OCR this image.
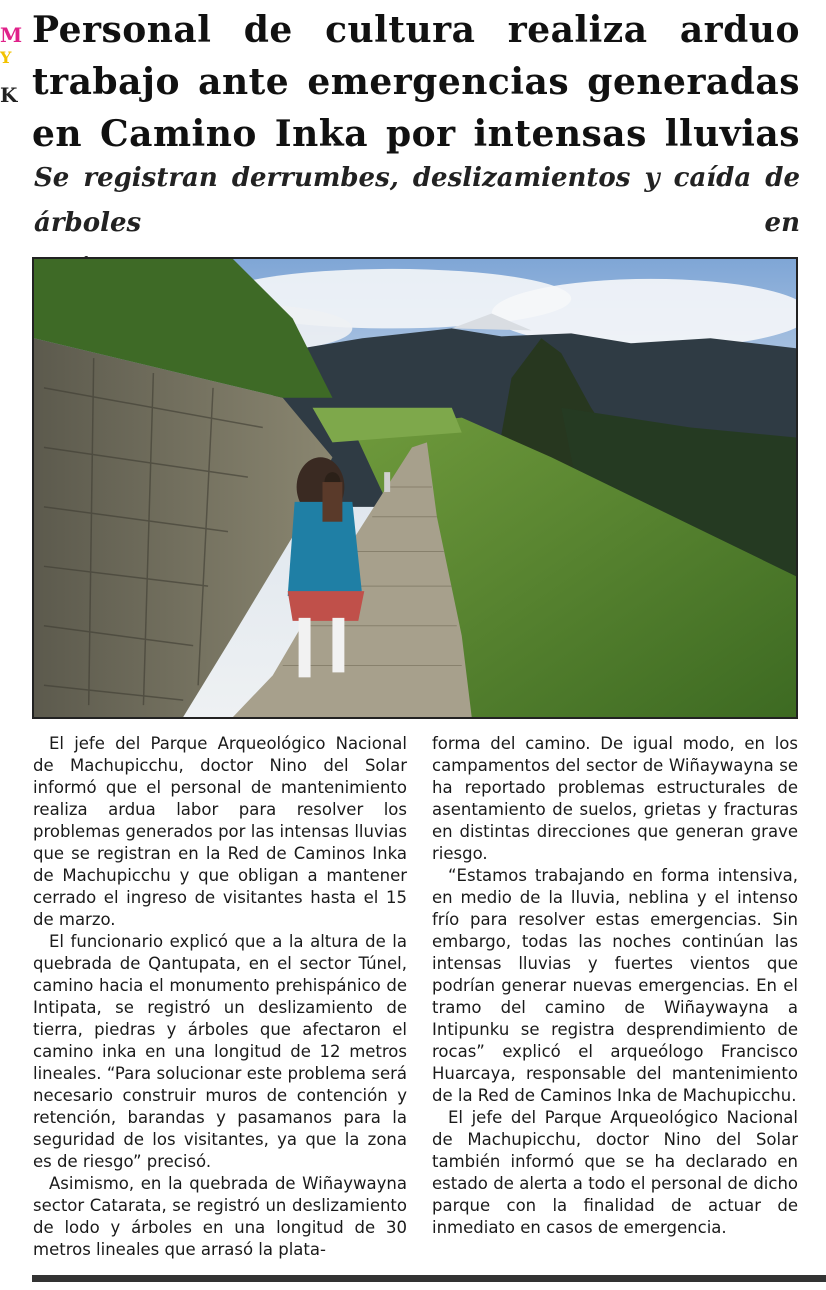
M
Y
K
Personal de cultura realiza arduo
trabajo ante emergencias generadas
en Camino Inka por intensas lluvias
Se registran derrumbes, deslizamientos y caída de árboles en

El jefe del Parque Arqueológico Nacional de Machupicchu, doctor Nino del Solar informó que el personal de mantenimiento realiza ardua labor para resolver los problemas generados por las intensas lluvias que se registran en la Red de Caminos Inka de Machupicchu y que obligan a mantener cerrado el ingreso de visitantes hasta el 15 de marzo.

El funcionario explicó que a la altura de la quebrada de Qantupata, en el sector Túnel, camino hacia el monumento prehispánico de Intipata, se registró un deslizamiento de tierra, piedras y árboles que afectaron el camino inka en una longitud de 12 metros lineales. “Para solucionar este problema será necesario construir muros de contención y retención, barandas y pasamanos para la seguridad de los visitantes, ya que la zona es de riesgo” precisó.

Asimismo, en la quebrada de Wiñaywayna sector Catarata, se registró un deslizamiento de lodo y árboles en una longitud de 30 metros lineales que arrasó la plata-

forma del camino. De igual modo, en los campamentos del sector de Wiñaywayna se ha reportado problemas estructurales de asentamiento de suelos, grietas y fracturas en distintas direcciones que generan grave riesgo.

“Estamos trabajando en forma intensiva, en medio de la lluvia, neblina y el intenso frío para resolver estas emergencias. Sin embargo, todas las noches continúan las intensas lluvias y fuertes vientos que podrían generar nuevas emergencias. En el tramo del camino de Wiñaywayna a Intipunku se registra desprendimiento de rocas” explicó el arqueólogo Francisco Huarcaya, responsable del mantenimiento de la Red de Caminos Inka de Machupicchu.

El jefe del Parque Arqueológico Nacional de Machupicchu, doctor Nino del Solar también informó que se ha declarado en estado de alerta a todo el personal de dicho parque con la finalidad de actuar de inmediato en casos de emergencia.
